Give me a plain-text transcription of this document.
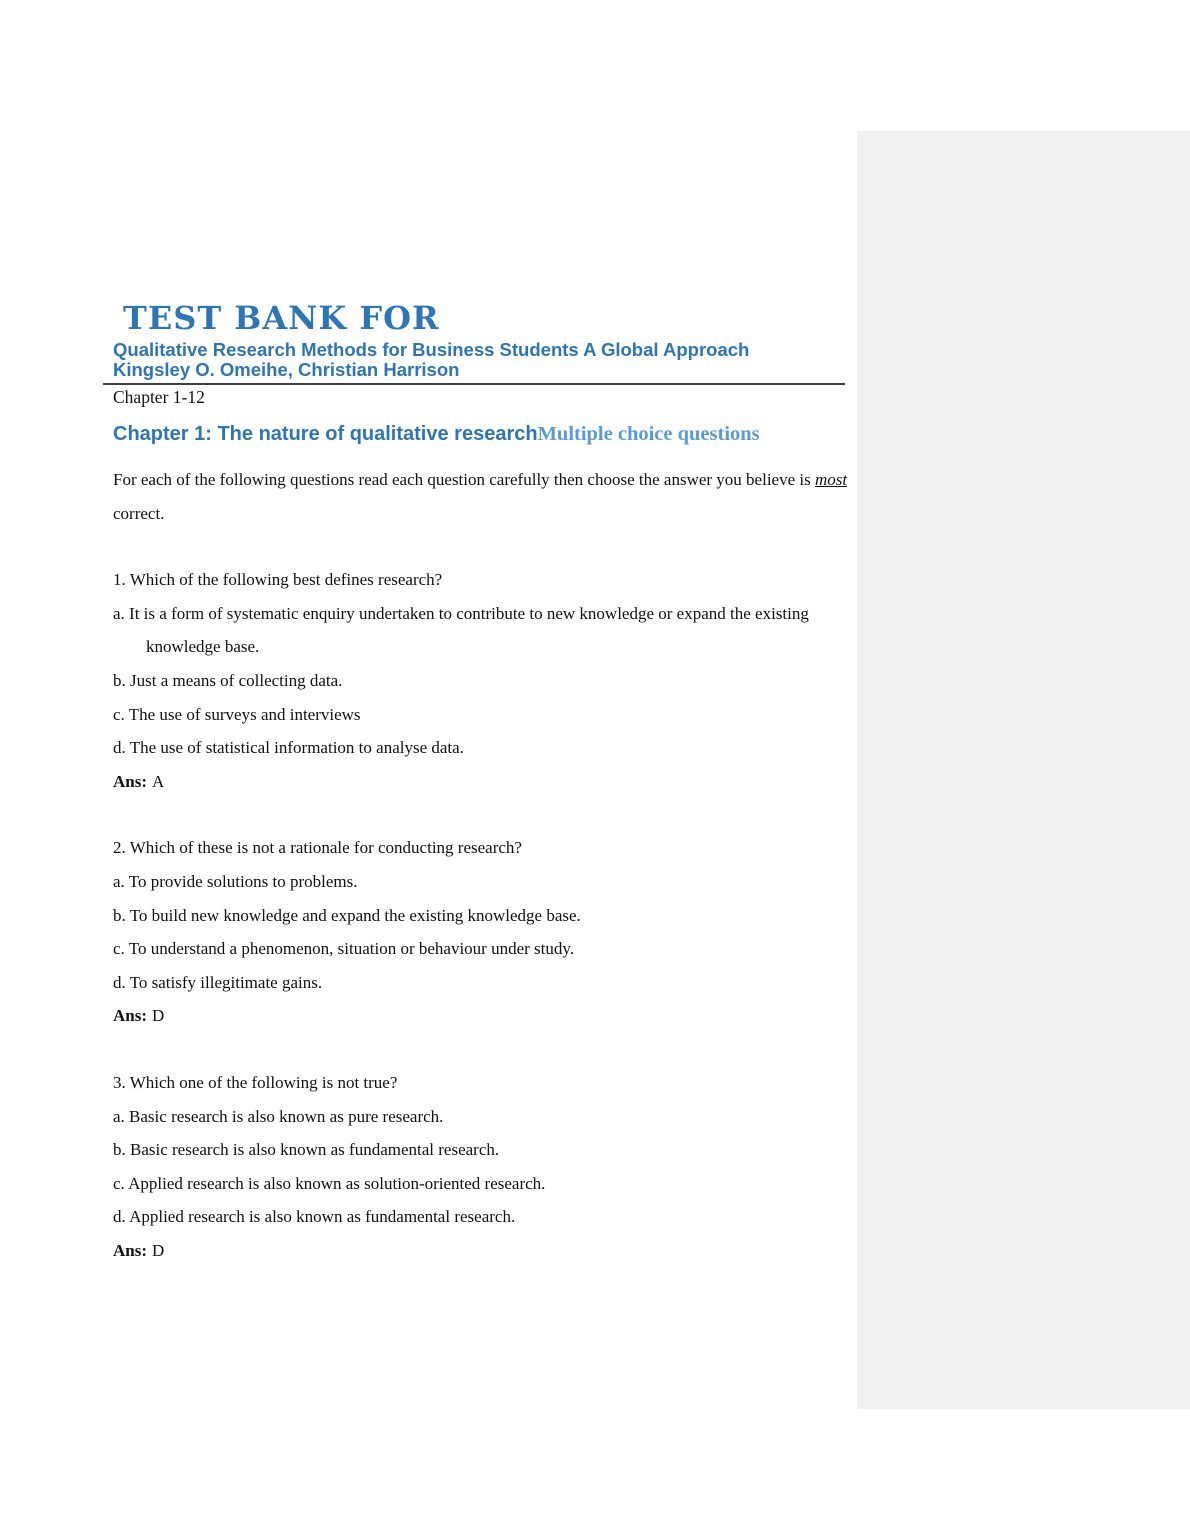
TEST BANK FOR
Qualitative Research Methods for Business Students A Global Approach
Kingsley O. Omeihe, Christian Harrison
Chapter 1-12
Chapter 1: The nature of qualitative researchMultiple choice questions
For each of the following questions read each question carefully then choose the answer you believe is most correct.
1. Which of the following best defines research?
a. It is a form of systematic enquiry undertaken to contribute to new knowledge or expand the existing knowledge base.
b. Just a means of collecting data.
c. The use of surveys and interviews
d. The use of statistical information to analyse data.
Ans: A
2. Which of these is not a rationale for conducting research?
a. To provide solutions to problems.
b. To build new knowledge and expand the existing knowledge base.
c. To understand a phenomenon, situation or behaviour under study.
d. To satisfy illegitimate gains.
Ans: D
3. Which one of the following is not true?
a. Basic research is also known as pure research.
b. Basic research is also known as fundamental research.
c. Applied research is also known as solution-oriented research.
d. Applied research is also known as fundamental research.
Ans: D
